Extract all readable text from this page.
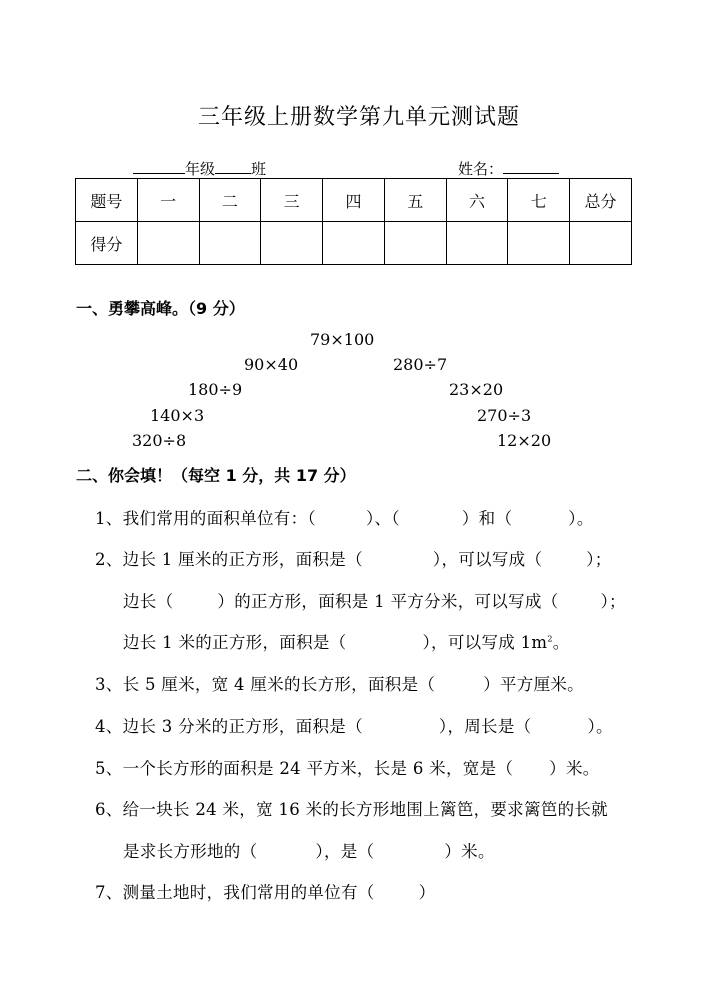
三年级上册数学第九单元测试题
年级 班	姓名：
题号	一	二	三	四	五	六	七	总分
得分								
一、勇攀高峰。（9 分）
79×100
90×40	280÷7
180÷9	23×20
140×3	270÷3
320÷8	12×20
二、你会填！（每空 1 分，共 17 分）
1、我们常用的面积单位有：（	）、（	）和（	）。
2、边长 1 厘米的正方形，面积是（	），可以写成（	）；
边长（	）的正方形，面积是 1 平方分米，可以写成（	）；
边长 1 米的正方形，面积是（	），可以写成 $1m^2$。
3、长 5 厘米，宽 4 厘米的长方形，面积是（	）平方厘米。
4、边长 3 分米的正方形，面积是（	），周长是（	）。
5、一个长方形的面积是 24 平方米，长是 6 米，宽是（ ）米。
6、给一块长 24 米，宽 16 米的长方形地围上篱笆，要求篱笆的长就
是求长方形地的（	），是（	）米。
7、测量土地时，我们常用的单位有（	）
